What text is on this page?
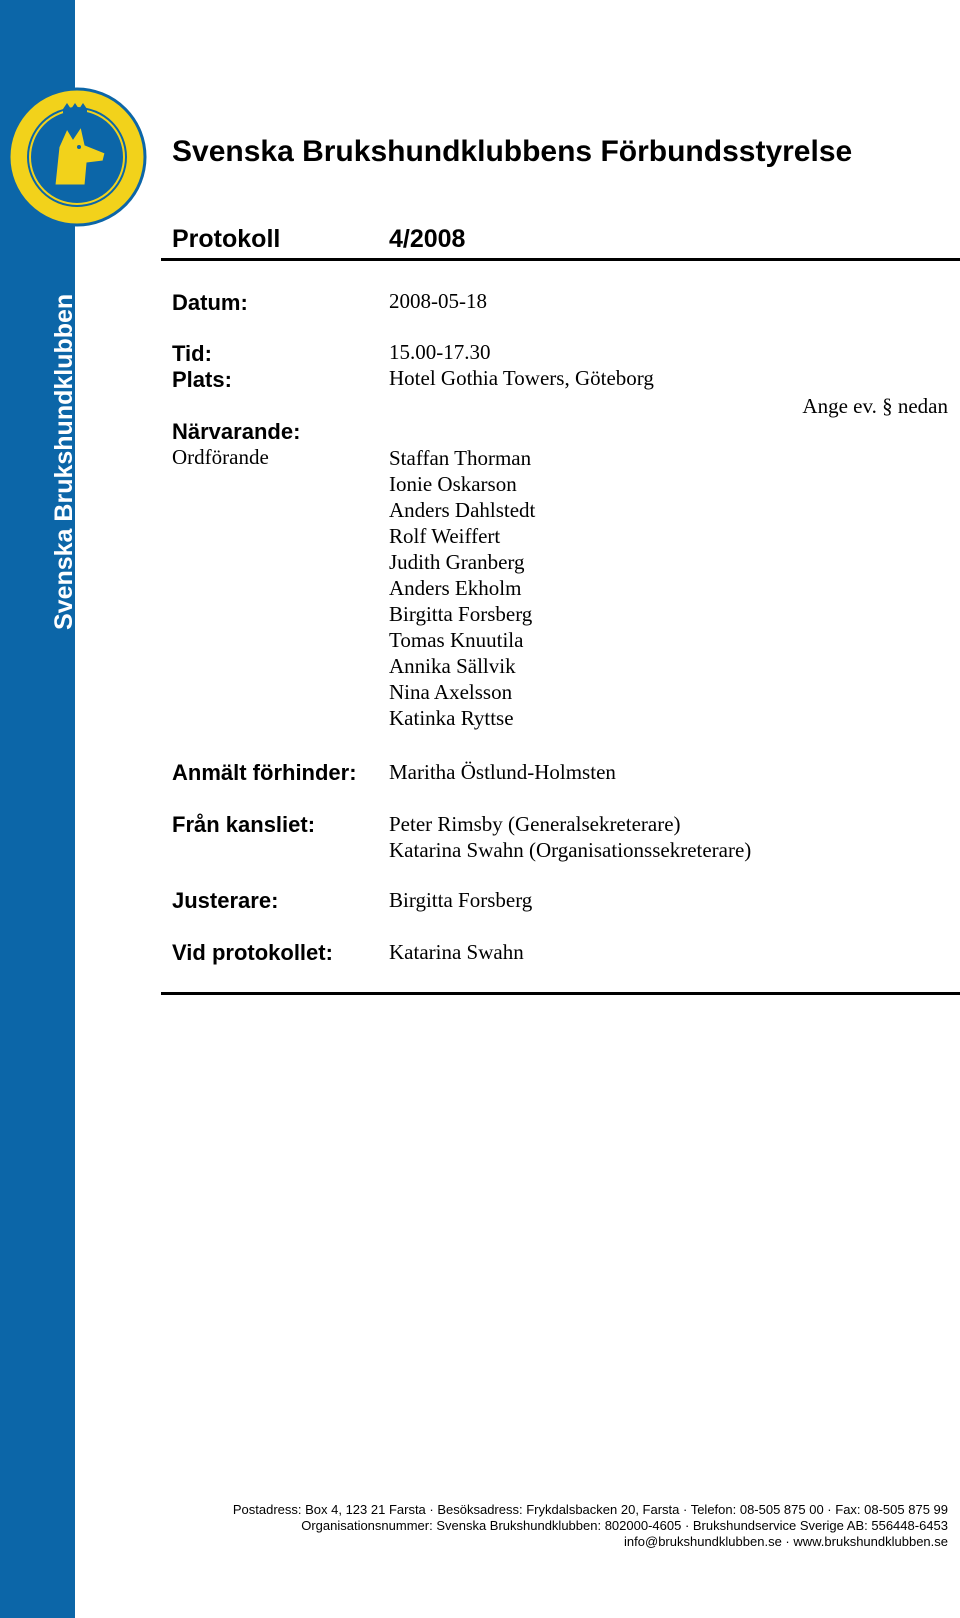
Svenska Brukshundklubben
Svenska Brukshundklubbens Förbundsstyrelse
Protokoll	4/2008
Datum:	2008-05-18
Tid:	15.00-17.30
Plats:	Hotel Gothia Towers, Göteborg
Ange ev. § nedan
Närvarande:
Ordförande	Staffan Thorman
Ionie Oskarson
Anders Dahlstedt
Rolf Weiffert
Judith Granberg
Anders Ekholm
Birgitta Forsberg
Tomas Knuutila
Annika Sällvik
Nina Axelsson
Katinka Ryttse
Anmält förhinder: Maritha Östlund-Holmsten
Från kansliet:	Peter Rimsby (Generalsekreterare)
Katarina Swahn (Organisationssekreterare)
Justerare:	Birgitta Forsberg
Vid protokollet:	Katarina Swahn
Postadress: Box 4, 123 21 Farsta · Besöksadress: Frykdalsbacken 20, Farsta · Telefon: 08-505 875 00 · Fax: 08-505 875 99
Organisationsnummer: Svenska Brukshundklubben: 802000-4605 · Brukshundservice Sverige AB: 556448-6453
info@brukshundklubben.se · www.brukshundklubben.se
